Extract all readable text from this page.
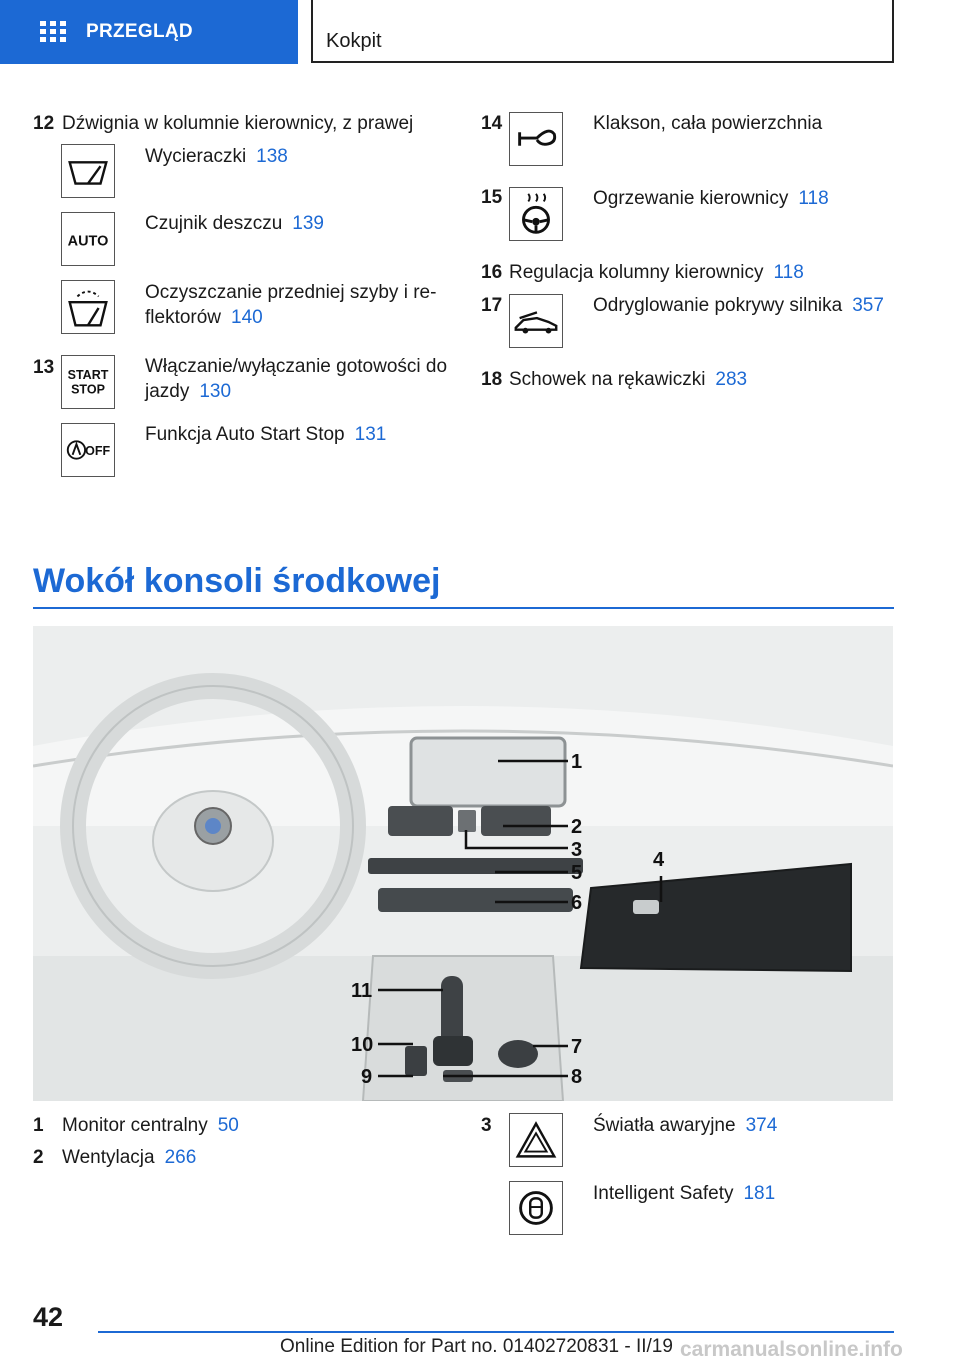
PRZEGLĄD	Kokpit
12 Dźwignia w kolumnie kierownicy, z prawej
Wycieraczki 138
AUTO
Czujnik deszczu 139
Oczyszczanie przedniej szyby i re-
flektorów 140
13 START
STOP
Włączanie/wyłączanie gotowości do
jazdy 130
OFF
Funkcja Auto Start Stop 131
14	Klakson, cała powierzchnia
15	Ogrzewanie kierownicy 118
16 Regulacja kolumny kierownicy 118
17	Odryglowanie pokrywy silnika 357
18 Schowek na rękawiczki 283
Wokół konsoli środkowej
1
2
3	4
5
6
7
8
9
10
11
1 Monitor centralny 50
2 Wentylacja 266
3	Światła awaryjne 374
Intelligent Safety 181
42
Online Edition for Part no. 01402720831 - II/19 carmanualsonline.info
